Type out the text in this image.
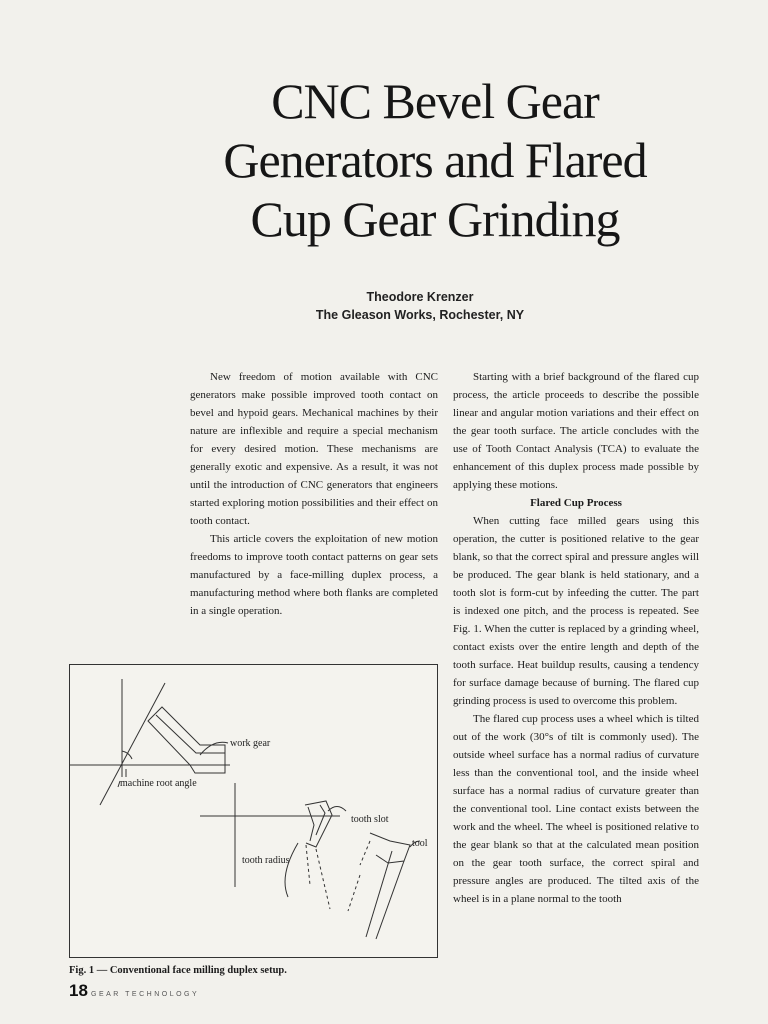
CNC Bevel Gear
Generators and Flared
Cup Gear Grinding
Theodore Krenzer
The Gleason Works, Rochester, NY

New freedom of motion available with CNC generators make possible improved tooth contact on bevel and hypoid gears. Mechanical machines by their nature are inflexible and require a special mechanism for every desired motion. These mechanisms are generally exotic and expensive. As a result, it was not until the introduction of CNC generators that engineers started exploring motion possibilities and their effect on tooth contact.

This article covers the exploitation of new motion freedoms to improve tooth contact patterns on gear sets manufactured by a face-milling duplex process, a manufacturing method where both flanks are completed in a single operation.

Starting with a brief background of the flared cup process, the article proceeds to describe the possible linear and angular motion variations and their effect on the gear tooth surface. The article concludes with the use of Tooth Contact Analysis (TCA) to evaluate the enhancement of this duplex process made possible by applying these motions.

Flared Cup Process

When cutting face milled gears using this operation, the cutter is positioned relative to the gear blank, so that the correct spiral and pressure angles will be produced. The gear blank is held stationary, and a tooth slot is form-cut by infeeding the cutter. The part is indexed one pitch, and the process is repeated. See Fig. 1. When the cutter is replaced by a grinding wheel, contact exists over the entire length and depth of the tooth surface. Heat buildup results, causing a tendency for surface damage because of burning. The flared cup grinding process is used to overcome this problem.

The flared cup process uses a wheel which is tilted out of the work (30°s of tilt is commonly used). The outside wheel surface has a normal radius of curvature less than the conventional tool, and the inside wheel surface has a normal radius of curvature greater than the conventional tool. Line contact exists between the work and the wheel. The wheel is positioned relative to the gear blank so that at the calculated mean position on the gear tooth surface, the correct spiral and pressure angles are produced. The tilted axis of the wheel is in a plane normal to the tooth

work gear
machine root angle
tooth slot
tool
tooth radius
Fig. 1 — Conventional face milling duplex setup.
18 GEAR TECHNOLOGY
